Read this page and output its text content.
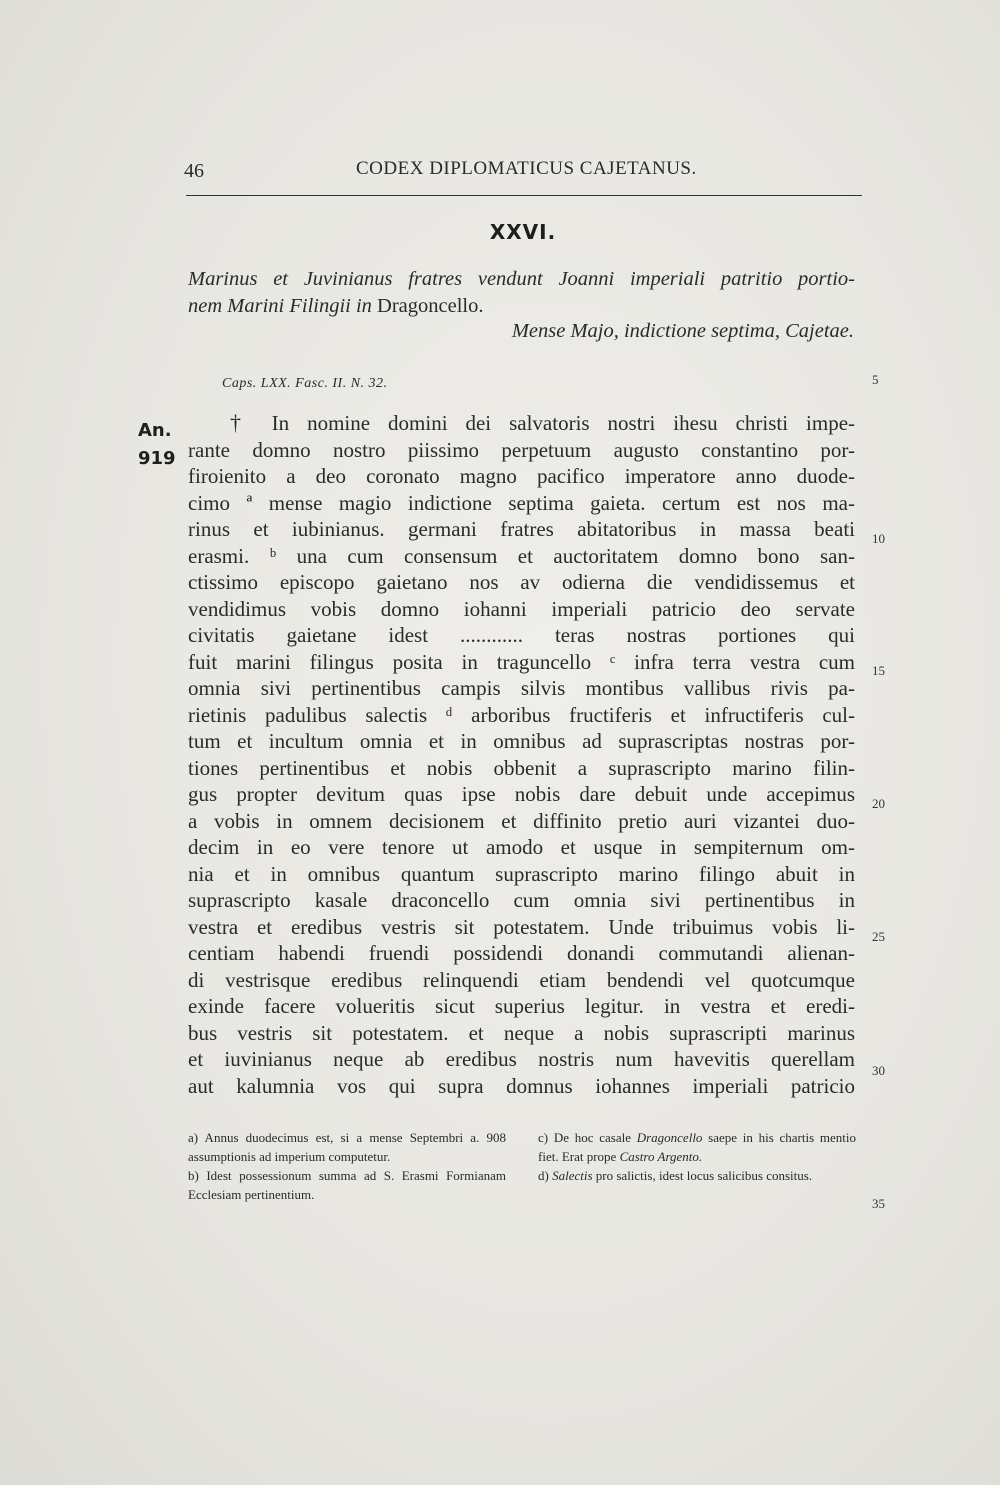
46	CODEX DIPLOMATICUS CAJETANUS.
XXVI.
Marinus et Juvinianus fratres vendunt Joanni imperiali patritio portio-
nem Marini Filingii in Dragoncello.
Mense Majo, indictione septima, Cajetae.
Caps. LXX. Fasc. II. N. 32.
An.
919
† In nomine domini dei salvatoris nostri ihesu christi impe-
rante domno nostro piissimo perpetuum augusto constantino por-
firoienito a deo coronato magno pacifico imperatore anno duode-
cimo ª mense magio indictione septima gaieta. certum est nos ma-
rinus et iubinianus. germani fratres abitatoribus in massa beati
erasmi. ᵇ una cum consensum et auctoritatem domno bono san-
ctissimo episcopo gaietano nos av odierna die vendidissemus et
vendidimus vobis domno iohanni imperiali patricio deo servate
civitatis gaietane idest ............ teras nostras portiones qui
fuit marini filingus posita in traguncello ᶜ infra terra vestra cum
omnia sivi pertinentibus campis silvis montibus vallibus rivis pa-
rietinis padulibus salectis ᵈ arboribus fructiferis et infructiferis cul-
tum et incultum omnia et in omnibus ad suprascriptas nostras por-
tiones pertinentibus et nobis obbenit a suprascripto marino filin-
gus propter devitum quas ipse nobis dare debuit unde accepimus
a vobis in omnem decisionem et diffinito pretio auri vizantei duo-
decim in eo vere tenore ut amodo et usque in sempiternum om-
nia et in omnibus quantum suprascripto marino filingo abuit in
suprascripto kasale draconcello cum omnia sivi pertinentibus in
vestra et eredibus vestris sit potestatem. Unde tribuimus vobis li-
centiam habendi fruendi possidendi donandi commutandi alienan-
di vestrisque eredibus relinquendi etiam bendendi vel quotcumque
exinde facere volueritis sicut superius legitur. in vestra et eredi-
bus vestris sit potestatem. et neque a nobis suprascripti marinus
et iuvinianus neque ab eredibus nostris num havevitis querellam
aut kalumnia vos qui supra domnus iohannes imperiali patricio
5
10
15
20
25
30
35
a) Annus duodecimus est, si a mense Septembri a. 908 assumptionis ad imperium computetur.
b) Idest possessionum summa ad S. Erasmi Formianam Ecclesiam pertinentium.
c) De hoc casale Dragoncello saepe in his chartis mentio fiet. Erat prope Castro Argento.
d) Salectis pro salictis, idest locus salicibus consitus.
